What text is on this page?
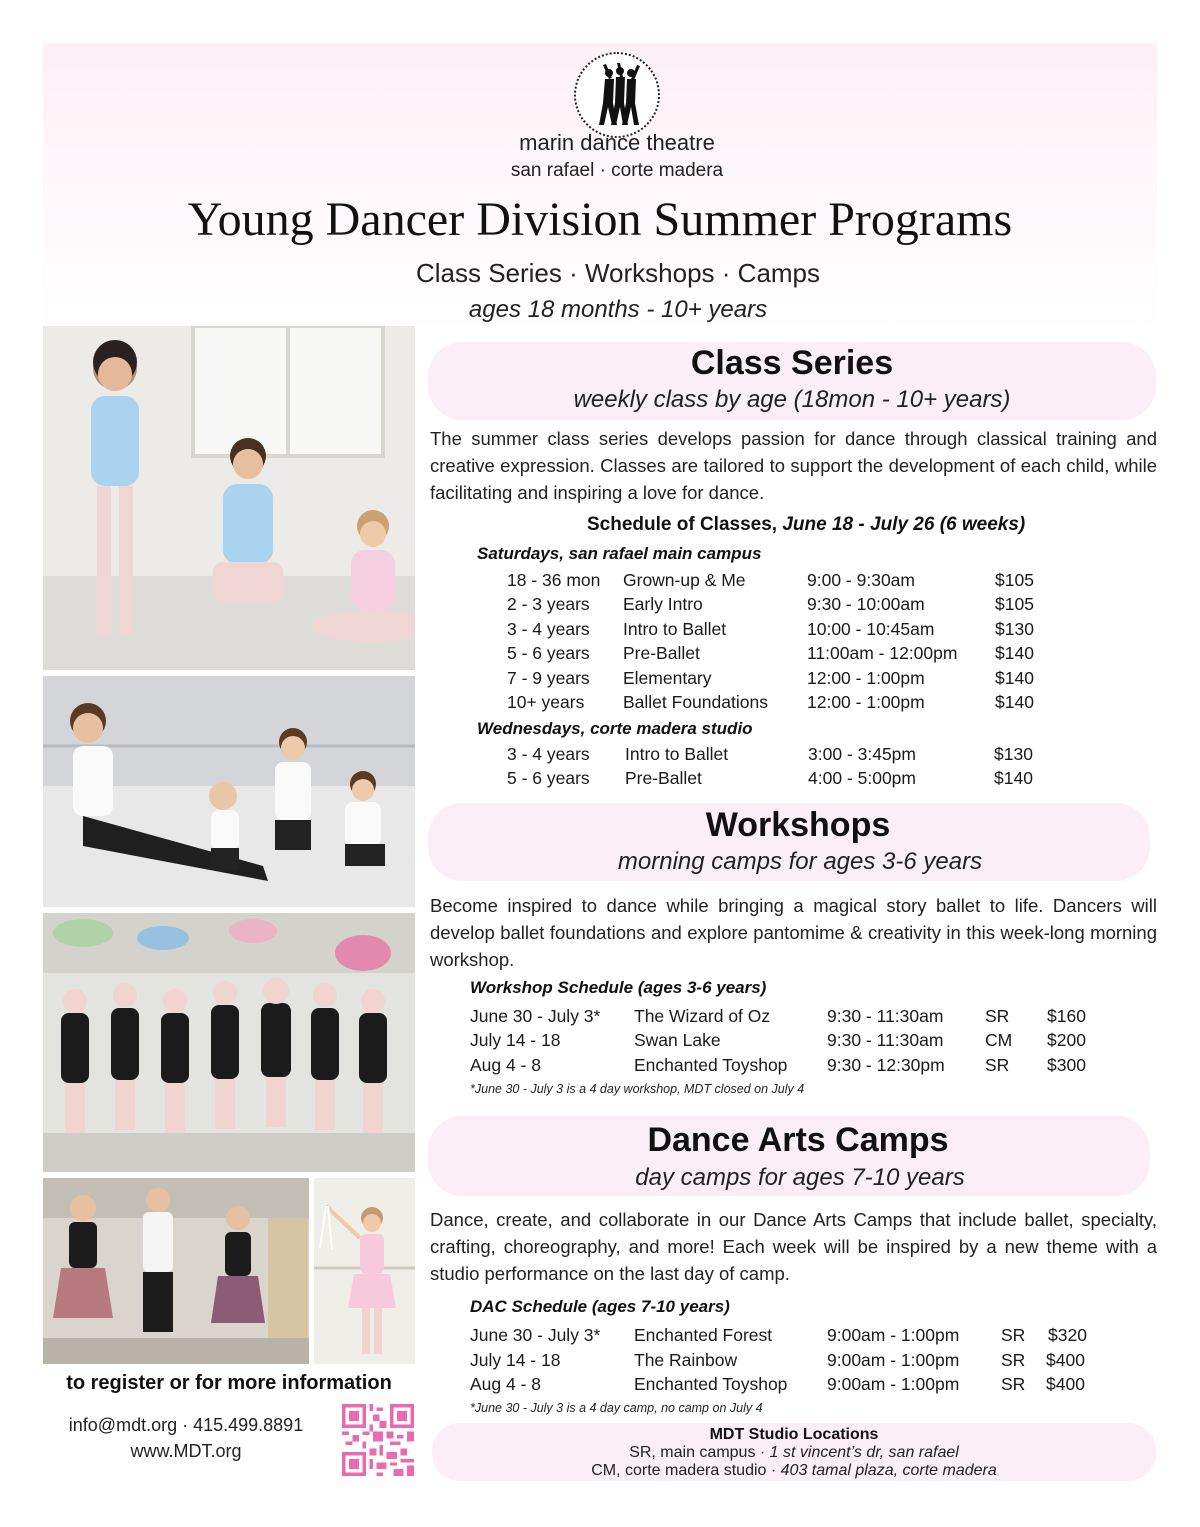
marin dance theatre
san rafael · corte madera
Young Dancer Division Summer Programs
Class Series · Workshops · Camps
ages 18 months - 10+ years
Class Series
weekly class by age (18mon - 10+ years)
The summer class series develops passion for dance through classical training and creative expression. Classes are tailored to support the development of each child, while facilitating and inspiring a love for dance.
Schedule of Classes, June 18 - July 26 (6 weeks)
Saturdays, san rafael main campus
18 - 36 mon Grown-up & Me	9:00 - 9:30am	$105
2 - 3 years Early Intro	9:30 - 10:00am	$105
3 - 4 years Intro to Ballet	10:00 - 10:45am	$130
5 - 6 years Pre-Ballet	11:00am - 12:00pm $140
7 - 9 years Elementary	12:00 - 1:00pm	$140
10+ years Ballet Foundations 12:00 - 1:00pm	$140
Wednesdays, corte madera studio
3 - 4 years Intro to Ballet	3:00 - 3:45pm	$130
5 - 6 years Pre-Ballet	4:00 - 5:00pm	$140
Workshops
morning camps for ages 3-6 years
Become inspired to dance while bringing a magical story ballet to life. Dancers will develop ballet foundations and explore pantomime & creativity in this week-long morning workshop.
Workshop Schedule (ages 3-6 years)
June 30 - July 3* The Wizard of Oz	9:30 - 11:30am SR $160
July 14 - 18	Swan Lake	9:30 - 11:30am CM $200
Aug 4 - 8	Enchanted Toyshop 9:30 - 12:30pm SR $300
*June 30 - July 3 is a 4 day workshop, MDT closed on July 4
Dance Arts Camps
day camps for ages 7-10 years
Dance, create, and collaborate in our Dance Arts Camps that include ballet, specialty, crafting, choreography, and more! Each week will be inspired by a new theme with a studio performance on the last day of camp.
DAC Schedule (ages 7-10 years)
June 30 - July 3* Enchanted Forest	9:00am - 1:00pm SR $320
July 14 - 18	The Rainbow	9:00am - 1:00pm SR $400
Aug 4 - 8	Enchanted Toyshop 9:00am - 1:00pm SR $400
*June 30 - July 3 is a 4 day camp, no camp on July 4
to register or for more information
info@mdt.org · 415.499.8891
www.MDT.org
MDT Studio Locations
SR, main campus · 1 st vincent’s dr, san rafael
CM, corte madera studio · 403 tamal plaza, corte madera
